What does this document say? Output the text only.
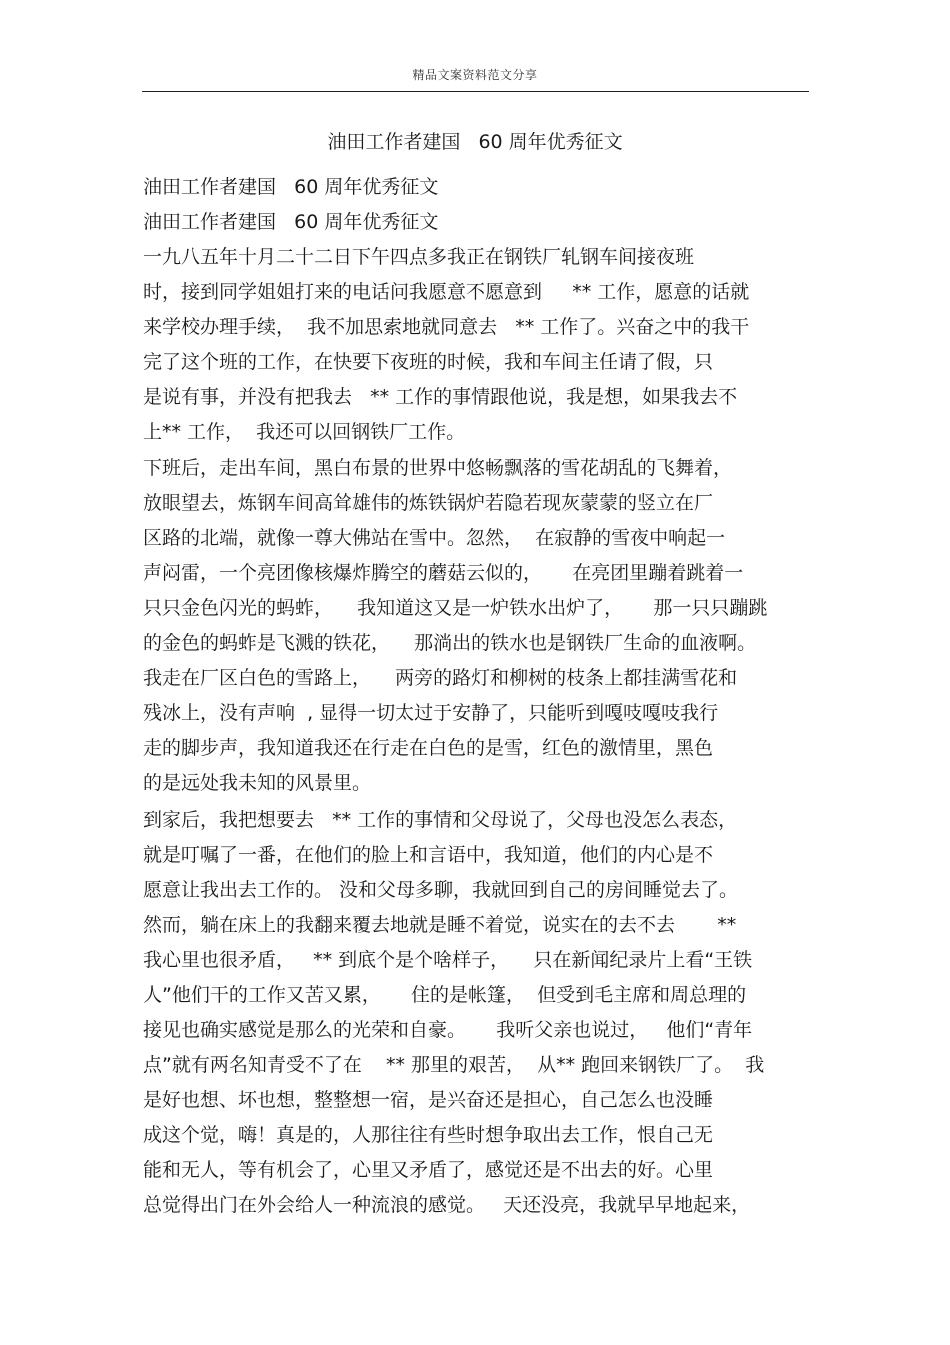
精品文案资料范文分享
油田工作者建国   60 周年优秀征文
油田工作者建国   60 周年优秀征文
油田工作者建国   60 周年优秀征文
一九八五年十月二十二日下午四点多我正在钢铁厂轧钢车间接夜班
时，接到同学姐姐打来的电话问我愿意不愿意到     ** 工作，愿意的话就
来学校办理手续，  我不加思索地就同意去   ** 工作了。兴奋之中的我干
完了这个班的工作，在快要下夜班的时候，我和车间主任请了假，只
是说有事，并没有把我去   ** 工作的事情跟他说，我是想，如果我去不
上** 工作，  我还可以回钢铁厂工作。
下班后，走出车间，黑白布景的世界中悠畅飘落的雪花胡乱的飞舞着，
放眼望去，炼钢车间高耸雄伟的炼铁锅炉若隐若现灰蒙蒙的竖立在厂
区路的北端，就像一尊大佛站在雪中。忽然，  在寂静的雪夜中响起一
声闷雷，一个亮团像核爆炸腾空的蘑菇云似的，     在亮团里蹦着跳着一
只只金色闪光的蚂蚱，    我知道这又是一炉铁水出炉了，     那一只只蹦跳
的金色的蚂蚱是飞溅的铁花，    那淌出的铁水也是钢铁厂生命的血液啊。
我走在厂区白色的雪路上，    两旁的路灯和柳树的枝条上都挂满雪花和
残冰上，没有声响  , 显得一切太过于安静了，只能听到嘎吱嘎吱我行
走的脚步声，我知道我还在行走在白色的是雪，红色的激情里，黑色
的是远处我未知的风景里。
到家后，我把想要去   ** 工作的事情和父母说了，父母也没怎么表态，
就是叮嘱了一番，在他们的脸上和言语中，我知道，他们的内心是不
愿意让我出去工作的。 没和父母多聊，我就回到自己的房间睡觉去了。
然而，躺在床上的我翻来覆去地就是睡不着觉，说实在的去不去       **
我心里也很矛盾，   ** 到底个是个啥样子，    只在新闻纪录片上看“王铁
人”他们干的工作又苦又累，     住的是帐篷，  但受到毛主席和周总理的
接见也确实感觉是那么的光荣和自豪。     我听父亲也说过，   他们“青年
点”就有两名知青受不了在    ** 那里的艰苦，  从** 跑回来钢铁厂了。  我
是好也想、坏也想，整整想一宿，是兴奋还是担心，自己怎么也没睡
成这个觉，嗨！真是的，人那往往有些时想争取出去工作，恨自己无
能和无人，等有机会了，心里又矛盾了，感觉还是不出去的好。心里
总觉得出门在外会给人一种流浪的感觉。   天还没亮，我就早早地起来，
